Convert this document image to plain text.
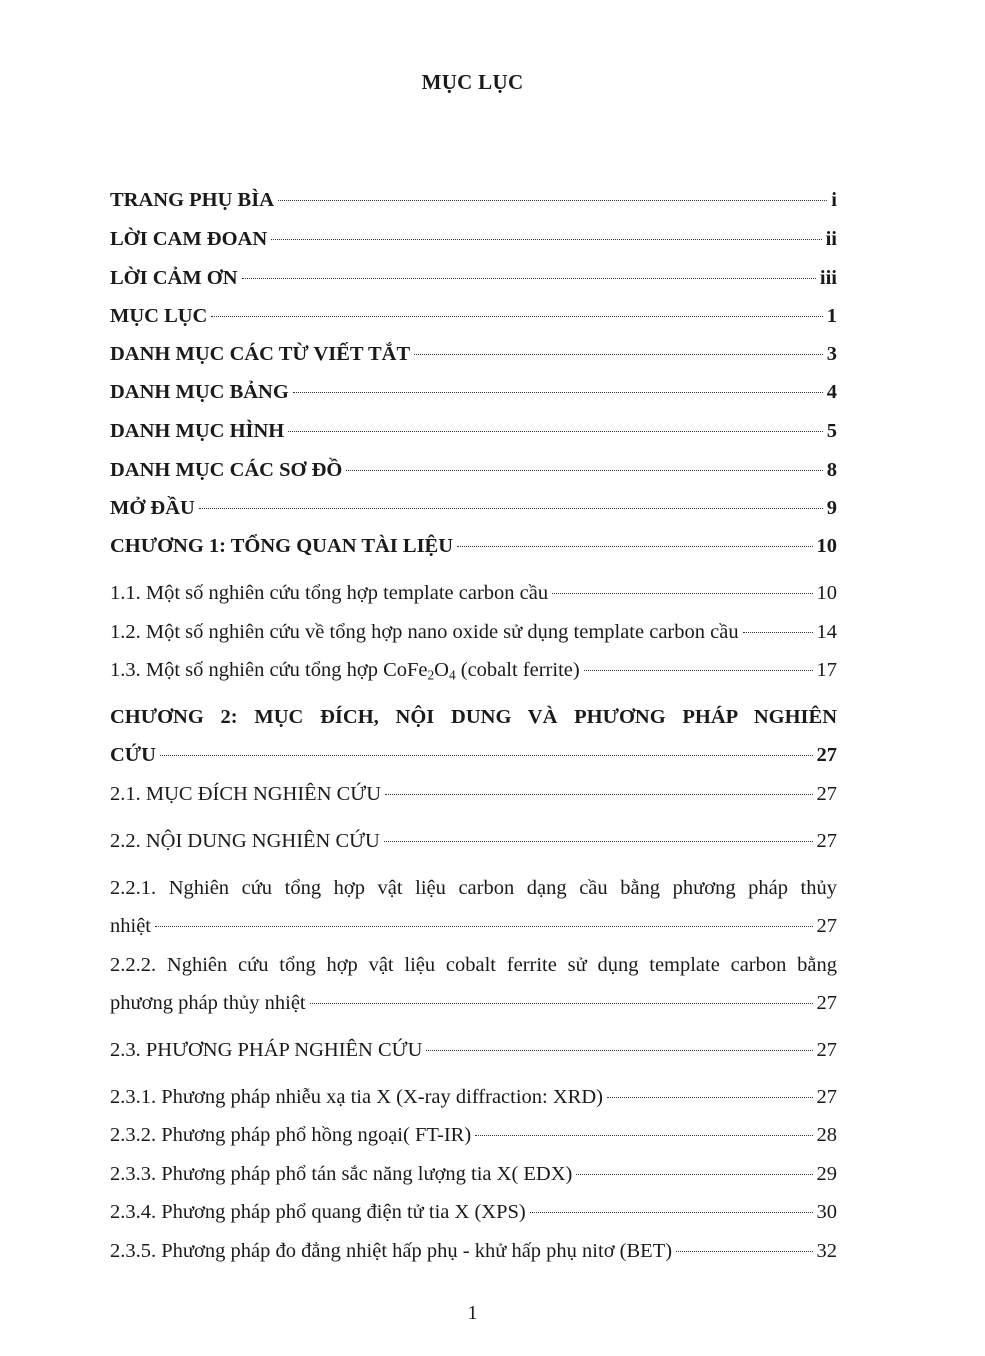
MỤC LỤC
TRANG PHỤ BÌA	i
LỜI CAM ĐOAN	ii
LỜI CẢM ƠN	iii
MỤC LỤC	1
DANH MỤC CÁC TỪ VIẾT TẮT	3
DANH MỤC BẢNG	4
DANH MỤC HÌNH	5
DANH MỤC CÁC SƠ ĐỒ	8
MỞ ĐẦU	9
CHƯƠNG 1: TỔNG QUAN TÀI LIỆU	10
1.1. Một số nghiên cứu tổng hợp template carbon cầu	10
1.2. Một số nghiên cứu về tổng hợp nano oxide sử dụng template carbon cầu	14
1.3. Một số nghiên cứu tổng hợp $CoFe_2O_4$ (cobalt ferrite)	17
CHƯƠNG 2: MỤC ĐÍCH, NỘI DUNG VÀ PHƯƠNG PHÁP NGHIÊN
CỨU	27
2.1. MỤC ĐÍCH NGHIÊN CỨU	27
2.2. NỘI DUNG NGHIÊN CỨU	27
2.2.1. Nghiên cứu tổng hợp vật liệu carbon dạng cầu bằng phương pháp thủy
nhiệt	27
2.2.2. Nghiên cứu tổng hợp vật liệu cobalt ferrite sử dụng template carbon bằng
phương pháp thủy nhiệt	27
2.3. PHƯƠNG PHÁP NGHIÊN CỨU	27
2.3.1. Phương pháp nhiễu xạ tia X (X-ray diffraction: XRD)	27
2.3.2. Phương pháp phổ hồng ngoại( FT-IR)	28
2.3.3. Phương pháp phổ tán sắc năng lượng tia X( EDX)	29
2.3.4. Phương pháp phổ quang điện tử tia X (XPS)	30
2.3.5. Phương pháp đo đẳng nhiệt hấp phụ - khử hấp phụ nitơ (BET)	32
1
